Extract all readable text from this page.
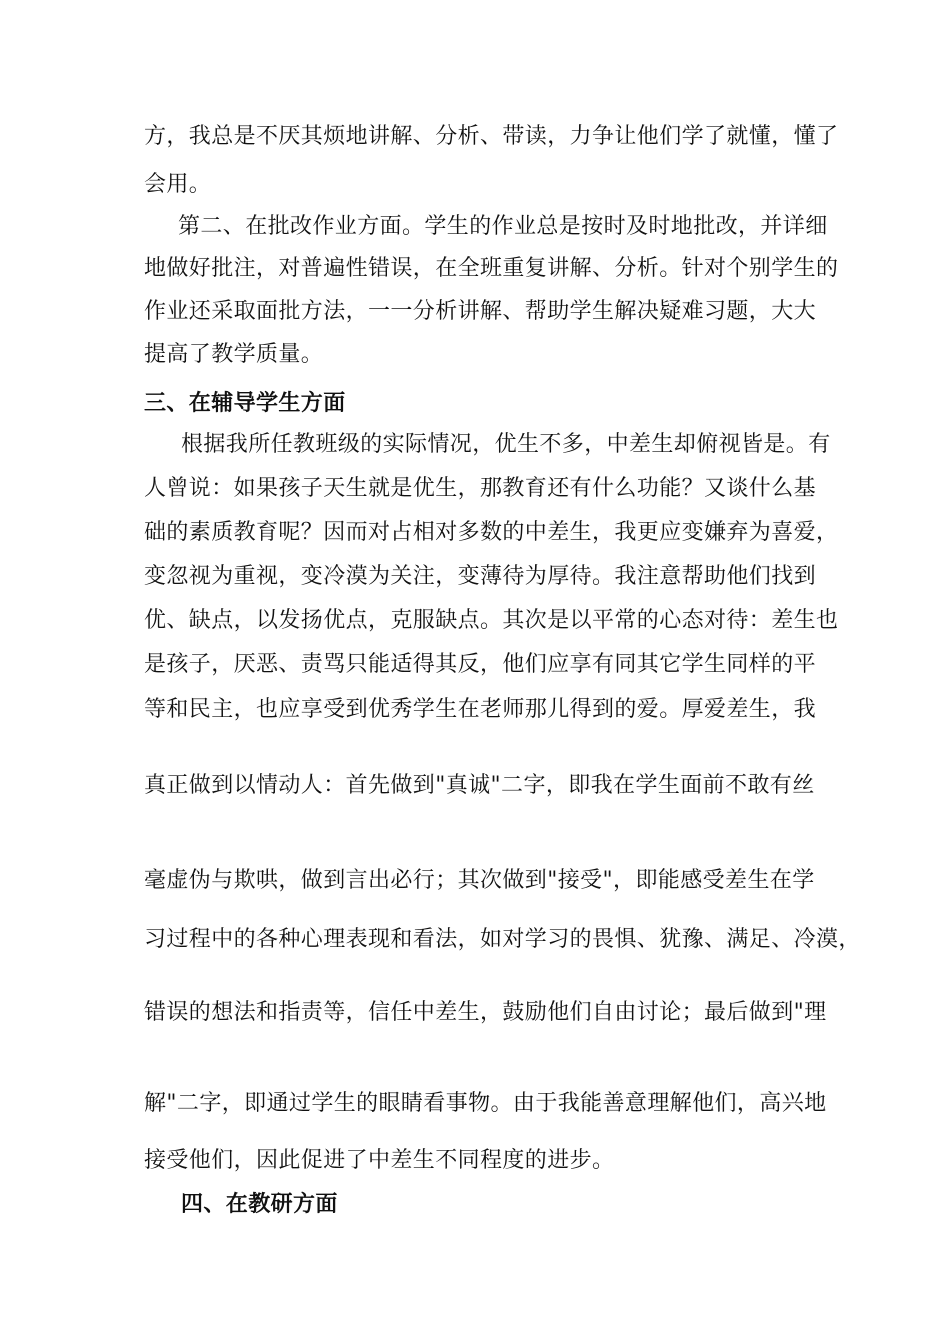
方，我总是不厌其烦地讲解、分析、带读，力争让他们学了就懂，懂了
会用。
第二、在批改作业方面。学生的作业总是按时及时地批改，并详细
地做好批注，对普遍性错误，在全班重复讲解、分析。针对个别学生的
作业还采取面批方法，一一分析讲解、帮助学生解决疑难习题，大大
提高了教学质量。
三、在辅导学生方面
根据我所任教班级的实际情况，优生不多，中差生却俯视皆是。有
人曾说：如果孩子天生就是优生，那教育还有什么功能？又谈什么基
础的素质教育呢？因而对占相对多数的中差生，我更应变嫌弃为喜爱，
变忽视为重视，变冷漠为关注，变薄待为厚待。我注意帮助他们找到
优、缺点，以发扬优点，克服缺点。其次是以平常的心态对待：差生也
是孩子，厌恶、责骂只能适得其反，他们应享有同其它学生同样的平
等和民主，也应享受到优秀学生在老师那儿得到的爱。厚爱差生，我
真正做到以情动人：首先做到"真诚"二字，即我在学生面前不敢有丝
毫虚伪与欺哄，做到言出必行；其次做到"接受"，即能感受差生在学
习过程中的各种心理表现和看法，如对学习的畏惧、犹豫、满足、冷漠，
错误的想法和指责等，信任中差生，鼓励他们自由讨论；最后做到"理
解"二字，即通过学生的眼睛看事物。由于我能善意理解他们，高兴地
接受他们，因此促进了中差生不同程度的进步。
四、在教研方面
